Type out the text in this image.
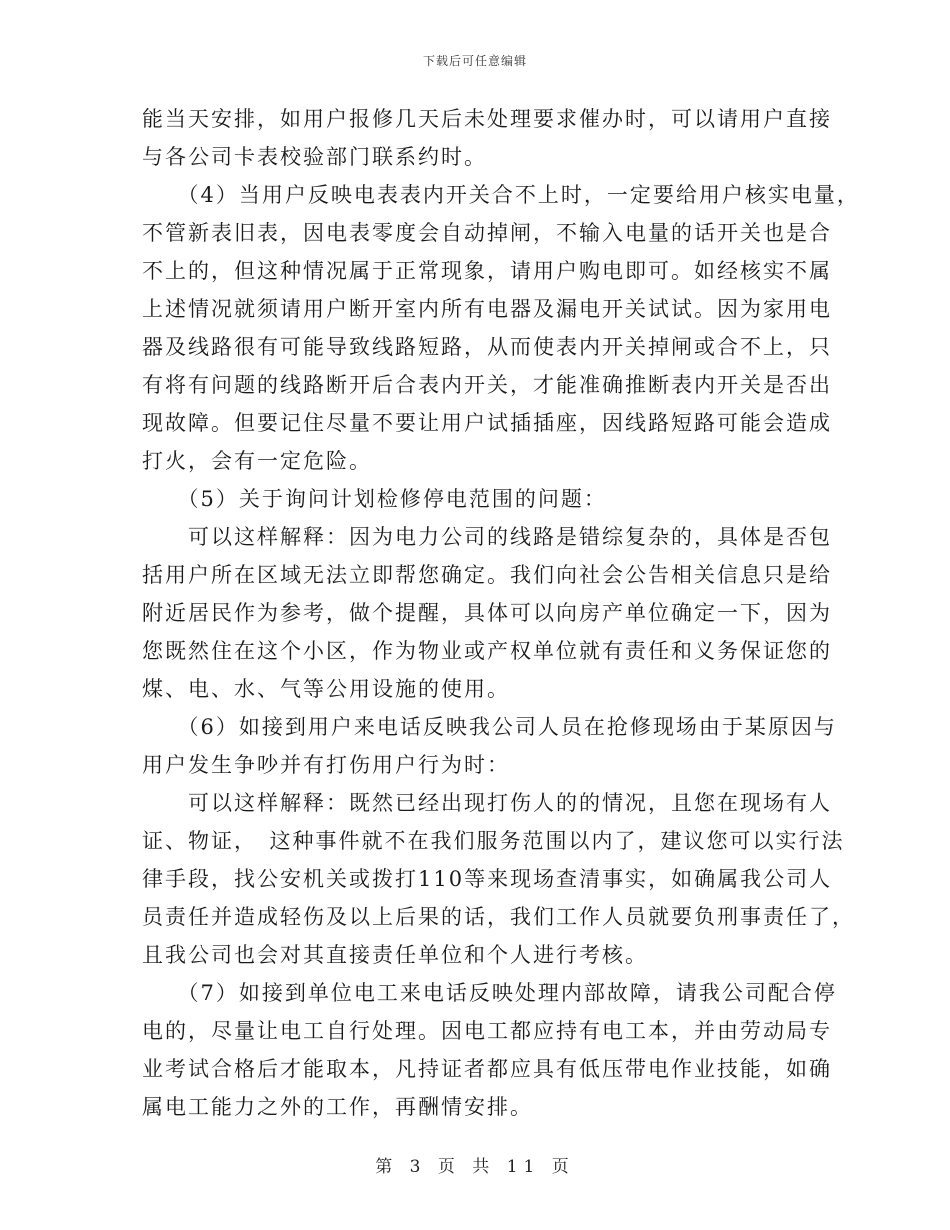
下载后可任意编辑
能当天安排，如用户报修几天后未处理要求催办时，可以请用户直接
与各公司卡表校验部门联系约时。
　　（4）当用户反映电表表内开关合不上时，一定要给用户核实电量，
不管新表旧表，因电表零度会自动掉闸，不输入电量的话开关也是合
不上的，但这种情况属于正常现象，请用户购电即可。如经核实不属
上述情况就须请用户断开室内所有电器及漏电开关试试。因为家用电
器及线路很有可能导致线路短路，从而使表内开关掉闸或合不上，只
有将有问题的线路断开后合表内开关，才能准确推断表内开关是否出
现故障。但要记住尽量不要让用户试插插座，因线路短路可能会造成
打火，会有一定危险。
　　（5）关于询问计划检修停电范围的问题：
　　可以这样解释：因为电力公司的线路是错综复杂的，具体是否包
括用户所在区域无法立即帮您确定。我们向社会公告相关信息只是给
附近居民作为参考，做个提醒，具体可以向房产单位确定一下，因为
您既然住在这个小区，作为物业或产权单位就有责任和义务保证您的
煤、电、水、气等公用设施的使用。
　　（6）如接到用户来电话反映我公司人员在抢修现场由于某原因与
用户发生争吵并有打伤用户行为时：
　　可以这样解释：既然已经出现打伤人的的情况，且您在现场有人
证、物证，　这种事件就不在我们服务范围以内了，建议您可以实行法
律手段，找公安机关或拨打110等来现场查清事实，如确属我公司人
员责任并造成轻伤及以上后果的话，我们工作人员就要负刑事责任了，
且我公司也会对其直接责任单位和个人进行考核。
　　（7）如接到单位电工来电话反映处理内部故障，请我公司配合停
电的，尽量让电工自行处理。因电工都应持有电工本，并由劳动局专
业考试合格后才能取本，凡持证者都应具有低压带电作业技能，如确
属电工能力之外的工作，再酬情安排。
第 3 页 共 11 页
